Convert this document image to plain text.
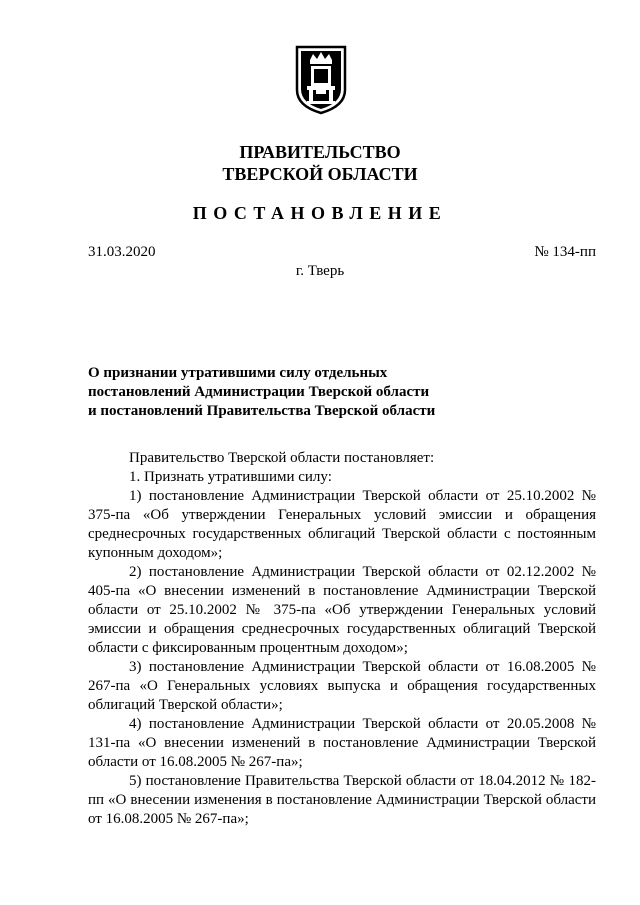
ПРАВИТЕЛЬСТВО
ТВЕРСКОЙ ОБЛАСТИ
ПОСТАНОВЛЕНИЕ
31.03.2020	№ 134-пп
г. Тверь
О признании утратившими силу отдельных
постановлений Администрации Тверской области
и постановлений Правительства Тверской области

Правительство Тверской области постановляет:

1. Признать утратившими силу:

1) постановление Администрации Тверской области от 25.10.2002 № 375-па «Об утверждении Генеральных условий эмиссии и обращения среднесрочных государственных облигаций Тверской области с постоянным купонным доходом»;

2) постановление Администрации Тверской области от 02.12.2002 № 405-па «О внесении изменений в постановление Администрации Тверской области от 25.10.2002 № 375-па «Об утверждении Генеральных условий эмиссии и обращения среднесрочных государственных облигаций Тверской области с фиксированным процентным доходом»;

3) постановление Администрации Тверской области от 16.08.2005 № 267-па «О Генеральных условиях выпуска и обращения государственных облигаций Тверской области»;

4) постановление Администрации Тверской области от 20.05.2008 № 131-па «О внесении изменений в постановление Администрации Тверской области от 16.08.2005 № 267-па»;

5) постановление Правительства Тверской области от 18.04.2012 № 182-пп «О внесении изменения в постановление Администрации Тверской области от 16.08.2005 № 267-па»;
